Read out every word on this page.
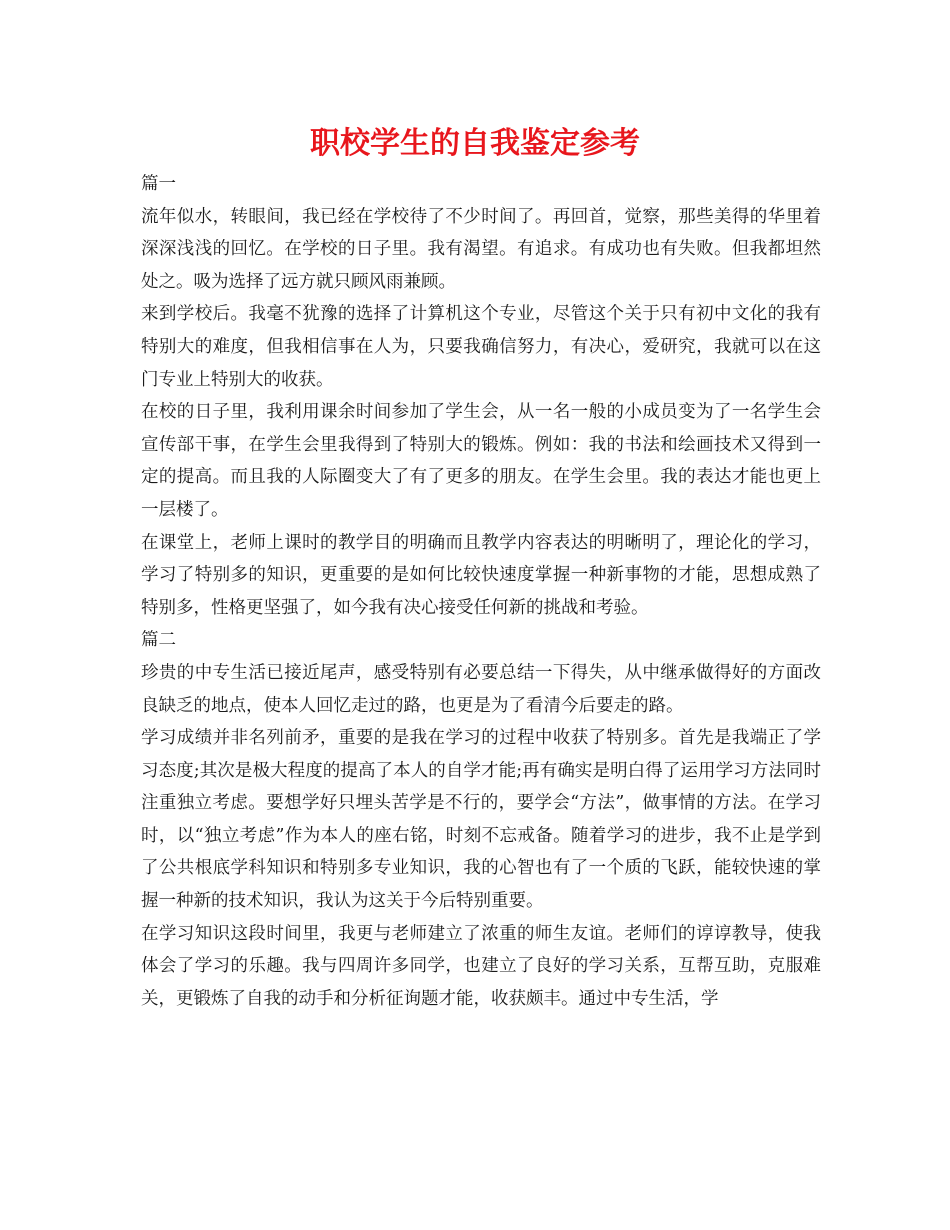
职校学生的自我鉴定参考

篇一

流年似水，转眼间，我已经在学校待了不少时间了。再回首，觉察，那些美得的华里着深深浅浅的回忆。在学校的日子里。我有渴望。有追求。有成功也有失败。但我都坦然处之。吸为选择了远方就只顾风雨兼顾。

来到学校后。我毫不犹豫的选择了计算机这个专业，尽管这个关于只有初中文化的我有特别大的难度，但我相信事在人为，只要我确信努力，有决心，爱研究，我就可以在这门专业上特别大的收获。

在校的日子里，我利用课余时间参加了学生会，从一名一般的小成员变为了一名学生会宣传部干事，在学生会里我得到了特别大的锻炼。例如：我的书法和绘画技术又得到一定的提高。而且我的人际圈变大了有了更多的朋友。在学生会里。我的表达才能也更上一层楼了。

在课堂上，老师上课时的教学目的明确而且教学内容表达的明晰明了，理论化的学习，学习了特别多的知识，更重要的是如何比较快速度掌握一种新事物的才能，思想成熟了特别多，性格更坚强了，如今我有决心接受任何新的挑战和考验。

篇二

珍贵的中专生活已接近尾声，感受特别有必要总结一下得失，从中继承做得好的方面改良缺乏的地点，使本人回忆走过的路，也更是为了看清今后要走的路。

学习成绩并非名列前矛，重要的是我在学习的过程中收获了特别多。首先是我端正了学习态度;其次是极大程度的提高了本人的自学才能;再有确实是明白得了运用学习方法同时注重独立考虑。要想学好只埋头苦学是不行的，要学会“方法”，做事情的方法。在学习时，以“独立考虑”作为本人的座右铭，时刻不忘戒备。随着学习的进步，我不止是学到了公共根底学科知识和特别多专业知识，我的心智也有了一个质的飞跃，能较快速的掌握一种新的技术知识，我认为这关于今后特别重要。

在学习知识这段时间里，我更与老师建立了浓重的师生友谊。老师们的谆谆教导，使我体会了学习的乐趣。我与四周许多同学，也建立了良好的学习关系，互帮互助，克服难关，更锻炼了自我的动手和分析征询题才能，收获颇丰。通过中专生活，学
